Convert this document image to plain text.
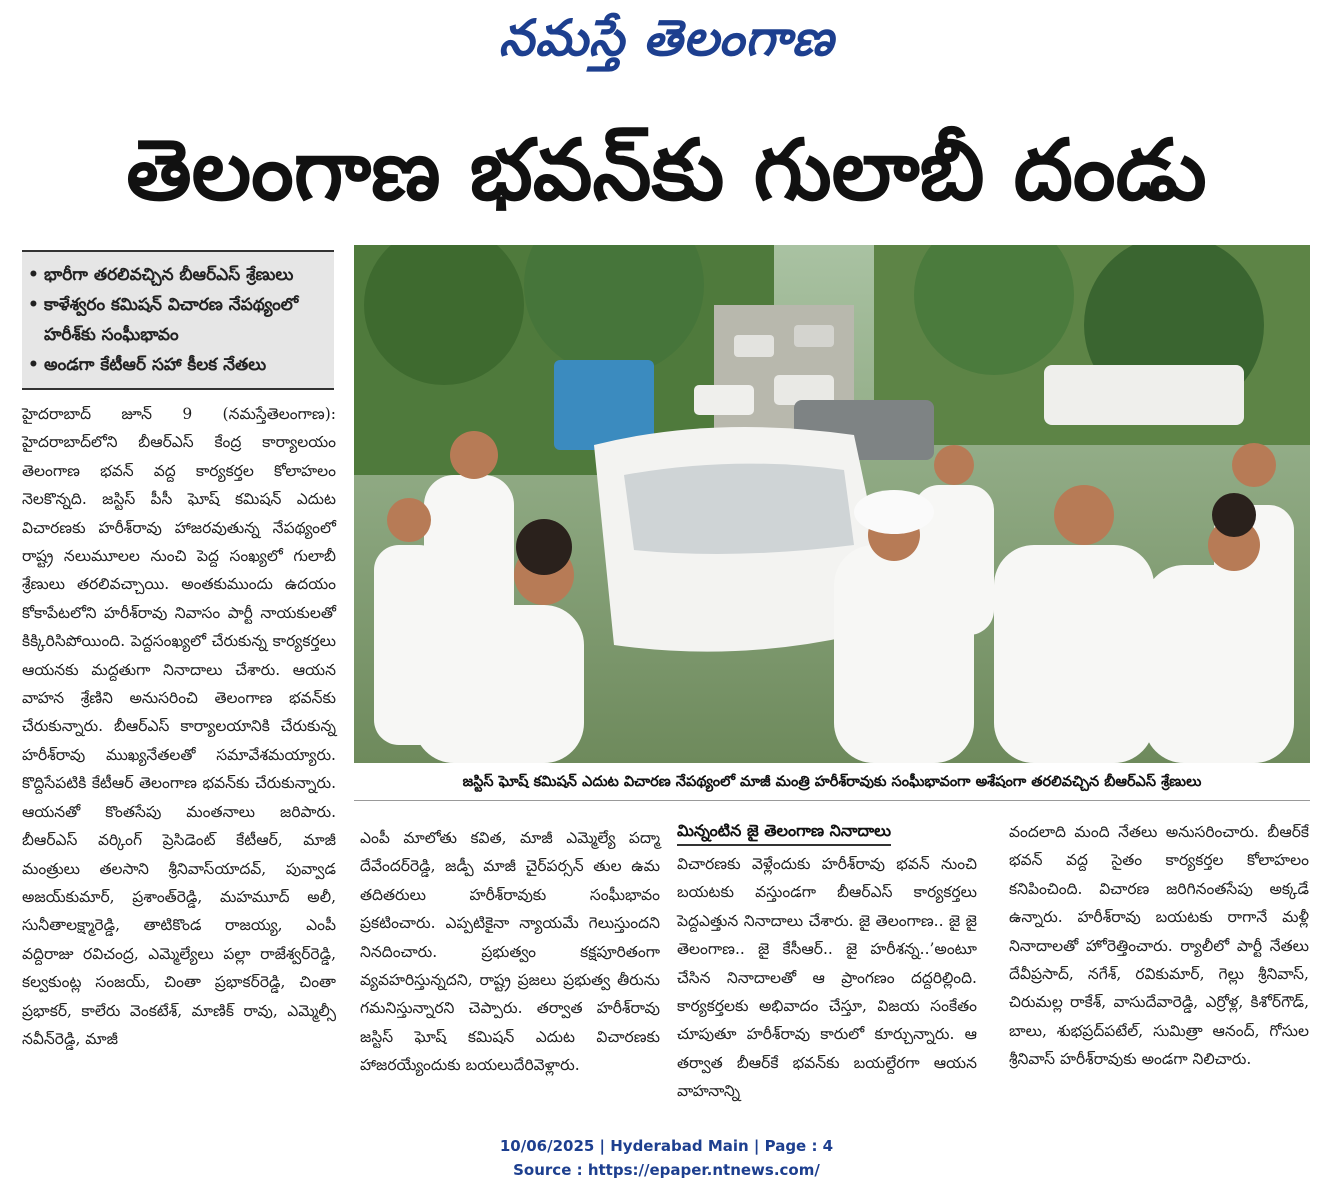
నమస్తే తెలంగాణ
తెలంగాణ భవన్‌కు గులాబీ దండు
• భారీగా తరలివచ్చిన బీఆర్‌ఎస్ శ్రేణులు
• కాళేశ్వరం కమిషన్ విచారణ నేపథ్యంలో హరీశ్‌కు సంఘీభావం
• అండగా కేటీఆర్ సహా కీలక నేతలు

హైదరాబాద్ జూన్ 9 (నమస్తేతెలంగాణ): హైదరాబాద్‌లోని బీఆర్‌ఎస్ కేంద్ర కార్యాలయం తెలంగాణ భవన్ వద్ద కార్యకర్తల కోలాహలం నెలకొన్నది. జస్టిస్ పీసీ ఘోష్ కమిషన్ ఎదుట విచారణకు హరీశ్‌రావు హాజరవుతున్న నేపథ్యంలో రాష్ట్ర నలుమూలల నుంచి పెద్ద సంఖ్యలో గులాబీ శ్రేణులు తరలివచ్చాయి. అంతకుముందు ఉదయం కోకాపేటలోని హరీశ్‌రావు నివాసం పార్టీ నాయకులతో కిక్కిరిసిపోయింది. పెద్దసంఖ్యలో చేరుకున్న కార్యకర్తలు ఆయనకు మద్దతుగా నినాదాలు చేశారు. ఆయన వాహన శ్రేణిని అనుసరించి తెలంగాణ భవన్‌కు చేరుకున్నారు. బీఆర్‌ఎస్ కార్యాలయానికి చేరుకున్న హరీశ్‌రావు ముఖ్యనేతలతో సమావేశమయ్యారు. కొద్దిసేపటికి కేటీఆర్ తెలంగాణ భవన్‌కు చేరుకున్నారు. ఆయనతో కొంతసేపు మంతనాలు జరిపారు. బీఆర్‌ఎస్ వర్కింగ్ ప్రెసిడెంట్ కేటీఆర్, మాజీ మంత్రులు తలసాని శ్రీనివాస్‌యాదవ్, పువ్వాడ అజయ్‌కుమార్, ప్రశాంత్‌రెడ్డి, మహమూద్ అలీ, సునీతాలక్ష్మారెడ్డి, తాటికొండ రాజయ్య, ఎంపీ వద్దిరాజు రవిచంద్ర, ఎమ్మెల్యేలు పల్లా రాజేశ్వర్‌రెడ్డి, కల్వకుంట్ల సంజయ్, చింతా ప్రభాకర్‌రెడ్డి, చింతా ప్రభాకర్, కాలేరు వెంకటేశ్, మాణిక్ రావు, ఎమ్మెల్సీ నవీన్‌రెడ్డి, మాజీ

జస్టిస్ ఘోష్ కమిషన్ ఎదుట విచారణ నేపథ్యంలో మాజీ మంత్రి హరీశ్‌రావుకు సంఘీభావంగా అశేషంగా తరలివచ్చిన బీఆర్‌ఎస్ శ్రేణులు

ఎంపీ మాలోతు కవిత, మాజీ ఎమ్మెల్యే పద్మా దేవేందర్‌రెడ్డి, జడ్పీ మాజీ చైర్‌పర్సన్ తుల ఉమ తదితరులు హరీశ్‌రావుకు సంఘీభావం ప్రకటించారు. ఎప్పటికైనా న్యాయమే గెలుస్తుందని నినదించారు. ప్రభుత్వం కక్షపూరితంగా వ్యవహరిస్తున్నదని, రాష్ట్ర ప్రజలు ప్రభుత్వ తీరును గమనిస్తున్నారని చెప్పారు. తర్వాత హరీశ్‌రావు జస్టిస్ ఘోష్ కమిషన్ ఎదుట విచారణకు హాజరయ్యేందుకు బయలుదేరివెళ్లారు.

మిన్నంటిన జై తెలంగాణ నినాదాలు

విచారణకు వెళ్లేందుకు హరీశ్‌రావు భవన్ నుంచి బయటకు వస్తుండగా బీఆర్‌ఎస్ కార్యకర్తలు పెద్దఎత్తున నినాదాలు చేశారు. జై తెలంగాణ.. జై జై తెలంగాణ.. జై కేసీఆర్.. జై హరీశన్న..’అంటూ చేసిన నినాదాలతో ఆ ప్రాంగణం దద్దరిల్లింది. కార్యకర్తలకు అభివాదం చేస్తూ, విజయ సంకేతం చూపుతూ హరీశ్‌రావు కారులో కూర్చున్నారు. ఆ తర్వాత బీఆర్‌కే భవన్‌కు బయల్దేరగా ఆయన వాహనాన్ని

వందలాది మంది నేతలు అనుసరించారు. బీఆర్‌కే భవన్ వద్ద సైతం కార్యకర్తల కోలాహలం కనిపించింది. విచారణ జరిగినంతసేపు అక్కడే ఉన్నారు. హరీశ్‌రావు బయటకు రాగానే మళ్లీ నినాదాలతో హోరెత్తించారు. ర్యాలీలో పార్టీ నేతలు దేవీప్రసాద్, నగేశ్, రవికుమార్, గెల్లు శ్రీనివాస్, చిరుమల్ల రాకేశ్, వాసుదేవారెడ్డి, ఎర్రోళ్ల, కిశోర్‌గౌడ్, బాలు, శుభప్రద్‌పటేల్, సుమిత్రా ఆనంద్, గోసుల శ్రీనివాస్ హరీశ్‌రావుకు అండగా నిలిచారు.

10/06/2025 | Hyderabad Main | Page : 4
Source : https://epaper.ntnews.com/
